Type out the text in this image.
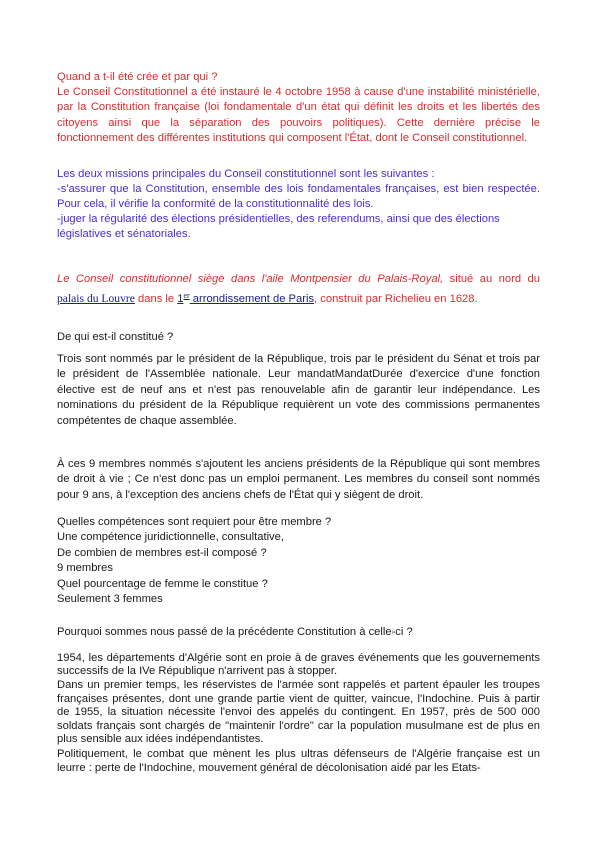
Quand a t-il été crée et par qui ?

Le Conseil Constitutionnel a été instauré le 4 octobre 1958 à cause d'une instabilité ministérielle, par la Constitution française (loi fondamentale d'un état qui définit les droits et les libertés des citoyens ainsi que la séparation des pouvoirs politiques). Cette dernière précise le fonctionnement des différentes institutions qui composent l'État, dont le Conseil constitutionnel.

Les deux missions principales du Conseil constitutionnel sont les suivantes :

-s'assurer que la Constitution, ensemble des lois fondamentales françaises, est bien respectée. Pour cela, il vérifie la conformité de la constitutionnalité des lois.

-juger la régularité des élections présidentielles, des referendums, ainsi que des élections législatives et sénatoriales.

Le Conseil constitutionnel siège dans l'aile Montpensier du Palais-Royal, situé au nord du
palais du Louvre dans le 1er arrondissement de Paris, construit par Richelieu en 1628.
De qui est-il constitué ?

Trois sont nommés par le président de la République, trois par le président du Sénat et trois par le président de l'Assemblée nationale. Leur mandatMandatDurée d'exercice d'une fonction élective est de neuf ans et n'est pas renouvelable afin de garantir leur indépendance. Les nominations du président de la République requièrent un vote des commissions permanentes compétentes de chaque assemblée.

À ces 9 membres nommés s'ajoutent les anciens présidents de la République qui sont membres de droit à vie ; Ce n'est donc pas un emploi permanent. Les membres du conseil sont nommés pour 9 ans, à l'exception des anciens chefs de l'État qui y siègent de droit.

Quelles compétences sont requiert pour être membre ?
Une compétence juridictionnelle, consultative,
De combien de membres est-il composé ?
9 membres
Quel pourcentage de femme le constitue ?
Seulement 3 femmes
Pourquoi sommes nous passé de la précédente Constitution à celle-ci ?

1954, les départements d'Algérie sont en proie à de graves événements que les gouvernements successifs de la IVe République n'arrivent pas à stopper.

Dans un premier temps, les réservistes de l'armée sont rappelés et partent épauler les troupes françaises présentes, dont une grande partie vient de quitter, vaincue, l'Indochine. Puis à partir de 1955, la situation nécessite l'envoi des appelés du contingent. En 1957, près de 500 000 soldats français sont chargés de "maintenir l'ordre" car la population musulmane est de plus en plus sensible aux idées indépendantistes.

Politiquement, le combat que mènent les plus ultras défenseurs de l'Algérie française est un leurre : perte de l'Indochine, mouvement général de décolonisation aidé par les Etats-
